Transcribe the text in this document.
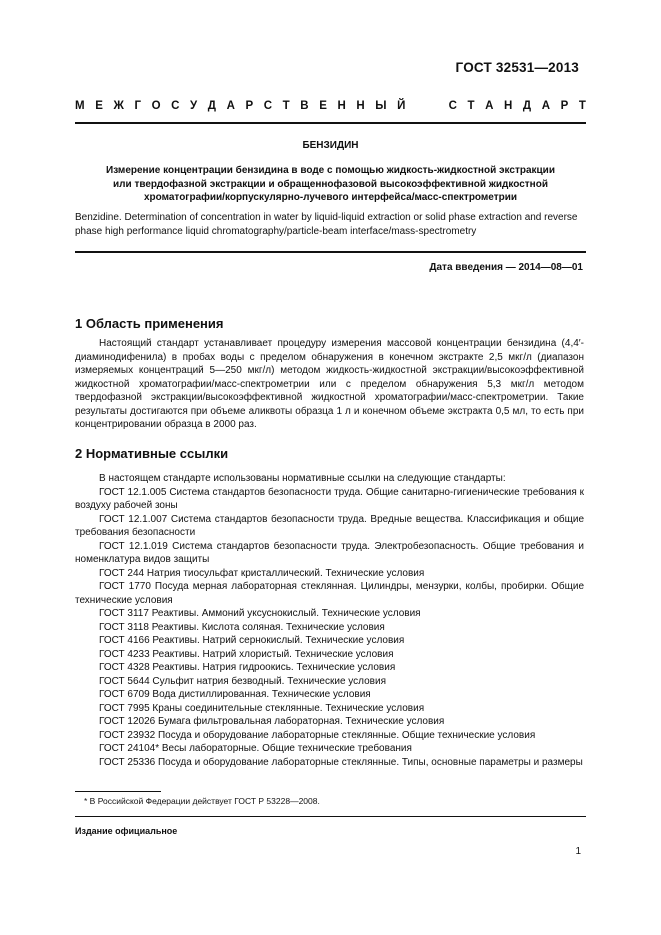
ГОСТ 32531—2013
М Е Ж Г О С У Д А Р С Т В Е Н Н Ы Й	С Т А Н Д А Р Т
БЕНЗИДИН
Измерение концентрации бензидина в воде с помощью жидкость-жидкостной экстракции
или твердофазной экстракции и обращеннофазовой высокоэффективной жидкостной
хроматографии/корпускулярно-лучевого интерфейса/масс-спектрометрии
Benzidine. Determination of concentration in water by liquid-liquid extraction or solid phase extraction and reverse
phase high performance liquid chromatography/particle-beam interface/mass-spectrometry
Дата введения — 2014—08—01
1 Область применения

Настоящий стандарт устанавливает процедуру измерения массовой концентрации бензидина (4,4′-диаминодифенила) в пробах воды с пределом обнаружения в конечном экстракте 2,5 мкг/л (диапазон измеряемых концентраций 5—250 мкг/л) методом жидкость-жидкостной экстракции/высокоэффективной жидкостной хроматографии/масс-спектрометрии или с пределом обнаружения 5,3 мкг/л методом твердофазной экстракции/высокоэффективной жидкостной хроматографии/масс-спектрометрии. Такие результаты достигаются при объеме аликвоты образца 1 л и конечном объеме экстракта 0,5 мл, то есть при концентрировании образца в 2000 раз.

2 Нормативные ссылки

В настоящем стандарте использованы нормативные ссылки на следующие стандарты:

ГОСТ 12.1.005 Система стандартов безопасности труда. Общие санитарно-гигиенические требования к воздуху рабочей зоны

ГОСТ 12.1.007 Система стандартов безопасности труда. Вредные вещества. Классификация и общие требования безопасности

ГОСТ 12.1.019 Система стандартов безопасности труда. Электробезопасность. Общие требования и номенклатура видов защиты

ГОСТ 244 Натрия тиосульфат кристаллический. Технические условия

ГОСТ 1770 Посуда мерная лабораторная стеклянная. Цилиндры, мензурки, колбы, пробирки. Общие технические условия

ГОСТ 3117 Реактивы. Аммоний уксуснокислый. Технические условия

ГОСТ 3118 Реактивы. Кислота соляная. Технические условия

ГОСТ 4166 Реактивы. Натрий сернокислый. Технические условия

ГОСТ 4233 Реактивы. Натрий хлористый. Технические условия

ГОСТ 4328 Реактивы. Натрия гидроокись. Технические условия

ГОСТ 5644 Сульфит натрия безводный. Технические условия

ГОСТ 6709 Вода дистиллированная. Технические условия

ГОСТ 7995 Краны соединительные стеклянные. Технические условия

ГОСТ 12026 Бумага фильтровальная лабораторная. Технические условия

ГОСТ 23932 Посуда и оборудование лабораторные стеклянные. Общие технические условия

ГОСТ 24104* Весы лабораторные. Общие технические требования

ГОСТ 25336 Посуда и оборудование лабораторные стеклянные. Типы, основные параметры и размеры

* В Российской Федерации действует ГОСТ Р 53228—2008.
Издание официальное
1
